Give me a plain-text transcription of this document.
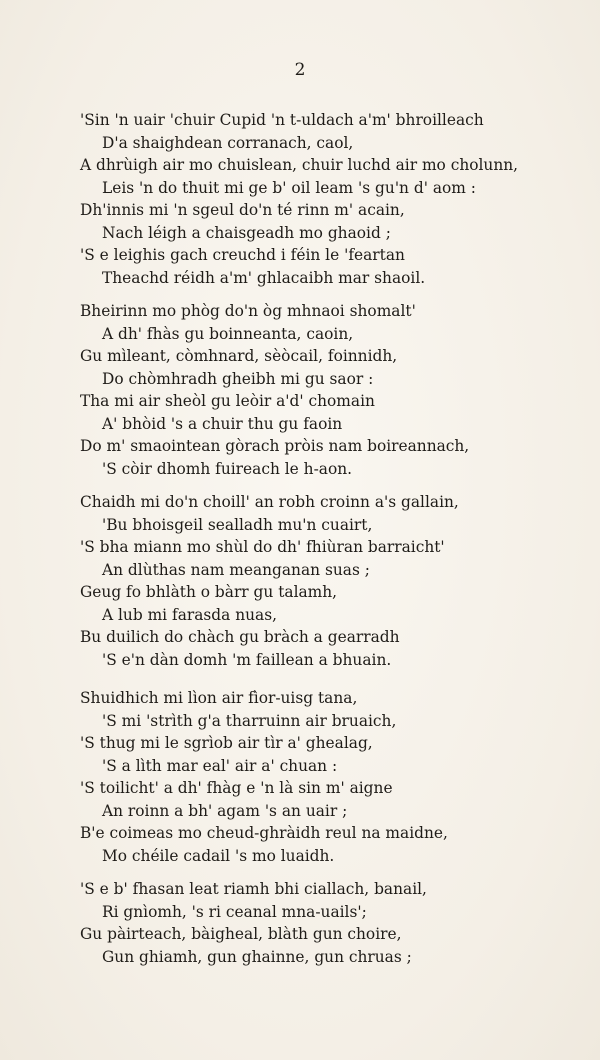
2
'Sin 'n uair 'chuir Cupid 'n t-uldach a'm' bhroilleach
D'a shaighdean corranach, caol,
A dhrùigh air mo chuislean, chuir luchd air mo cholunn,
Leis 'n do thuit mi ge b' oil leam 's gu'n d' aom :
Dh'innis mi 'n sgeul do'n té rinn m' acain,
Nach léigh a chaisgeadh mo ghaoid ;
'S e leighis gach creuchd i féin le 'feartan
Theachd réidh a'm' ghlacaibh mar shaoil.
Bheirinn mo phòg do'n òg mhnaoi shomalt'
A dh' fhàs gu boinneanta, caoin,
Gu mìleant, còmhnard, sèòcail, foinnidh,
Do chòmhradh gheibh mi gu saor :
Tha mi air sheòl gu leòir a'd' chomain
A' bhòid 's a chuir thu gu faoin
Do m' smaointean gòrach pròis nam boireannach,
'S còir dhomh fuireach le h-aon.
Chaidh mi do'n choill' an robh croinn a's gallain,
'Bu bhoisgeil sealladh mu'n cuairt,
'S bha miann mo shùl do dh' fhiùran barraicht'
An dlùthas nam meanganan suas ;
Geug fo bhlàth o bàrr gu talamh,
A lub mi farasda nuas,
Bu duilich do chàch gu bràch a gearradh
'S e'n dàn domh 'm faillean a bhuain.
Shuidhich mi lìon air fìor-uisg tana,
'S mi 'strìth g'a tharruinn air bruaich,
'S thug mi le sgrìob air tìr a' ghealag,
'S a lìth mar eal' air a' chuan :
'S toilicht' a dh' fhàg e 'n là sin m' aigne
An roinn a bh' agam 's an uair ;
B'e coimeas mo cheud-ghràidh reul na maidne,
Mo chéile cadail 's mo luaidh.
'S e b' fhasan leat riamh bhi ciallach, banail,
Ri gnìomh, 's ri ceanal mna-uails';
Gu pàirteach, bàigheal, blàth gun choire,
Gun ghiamh, gun ghainne, gun chruas ;
